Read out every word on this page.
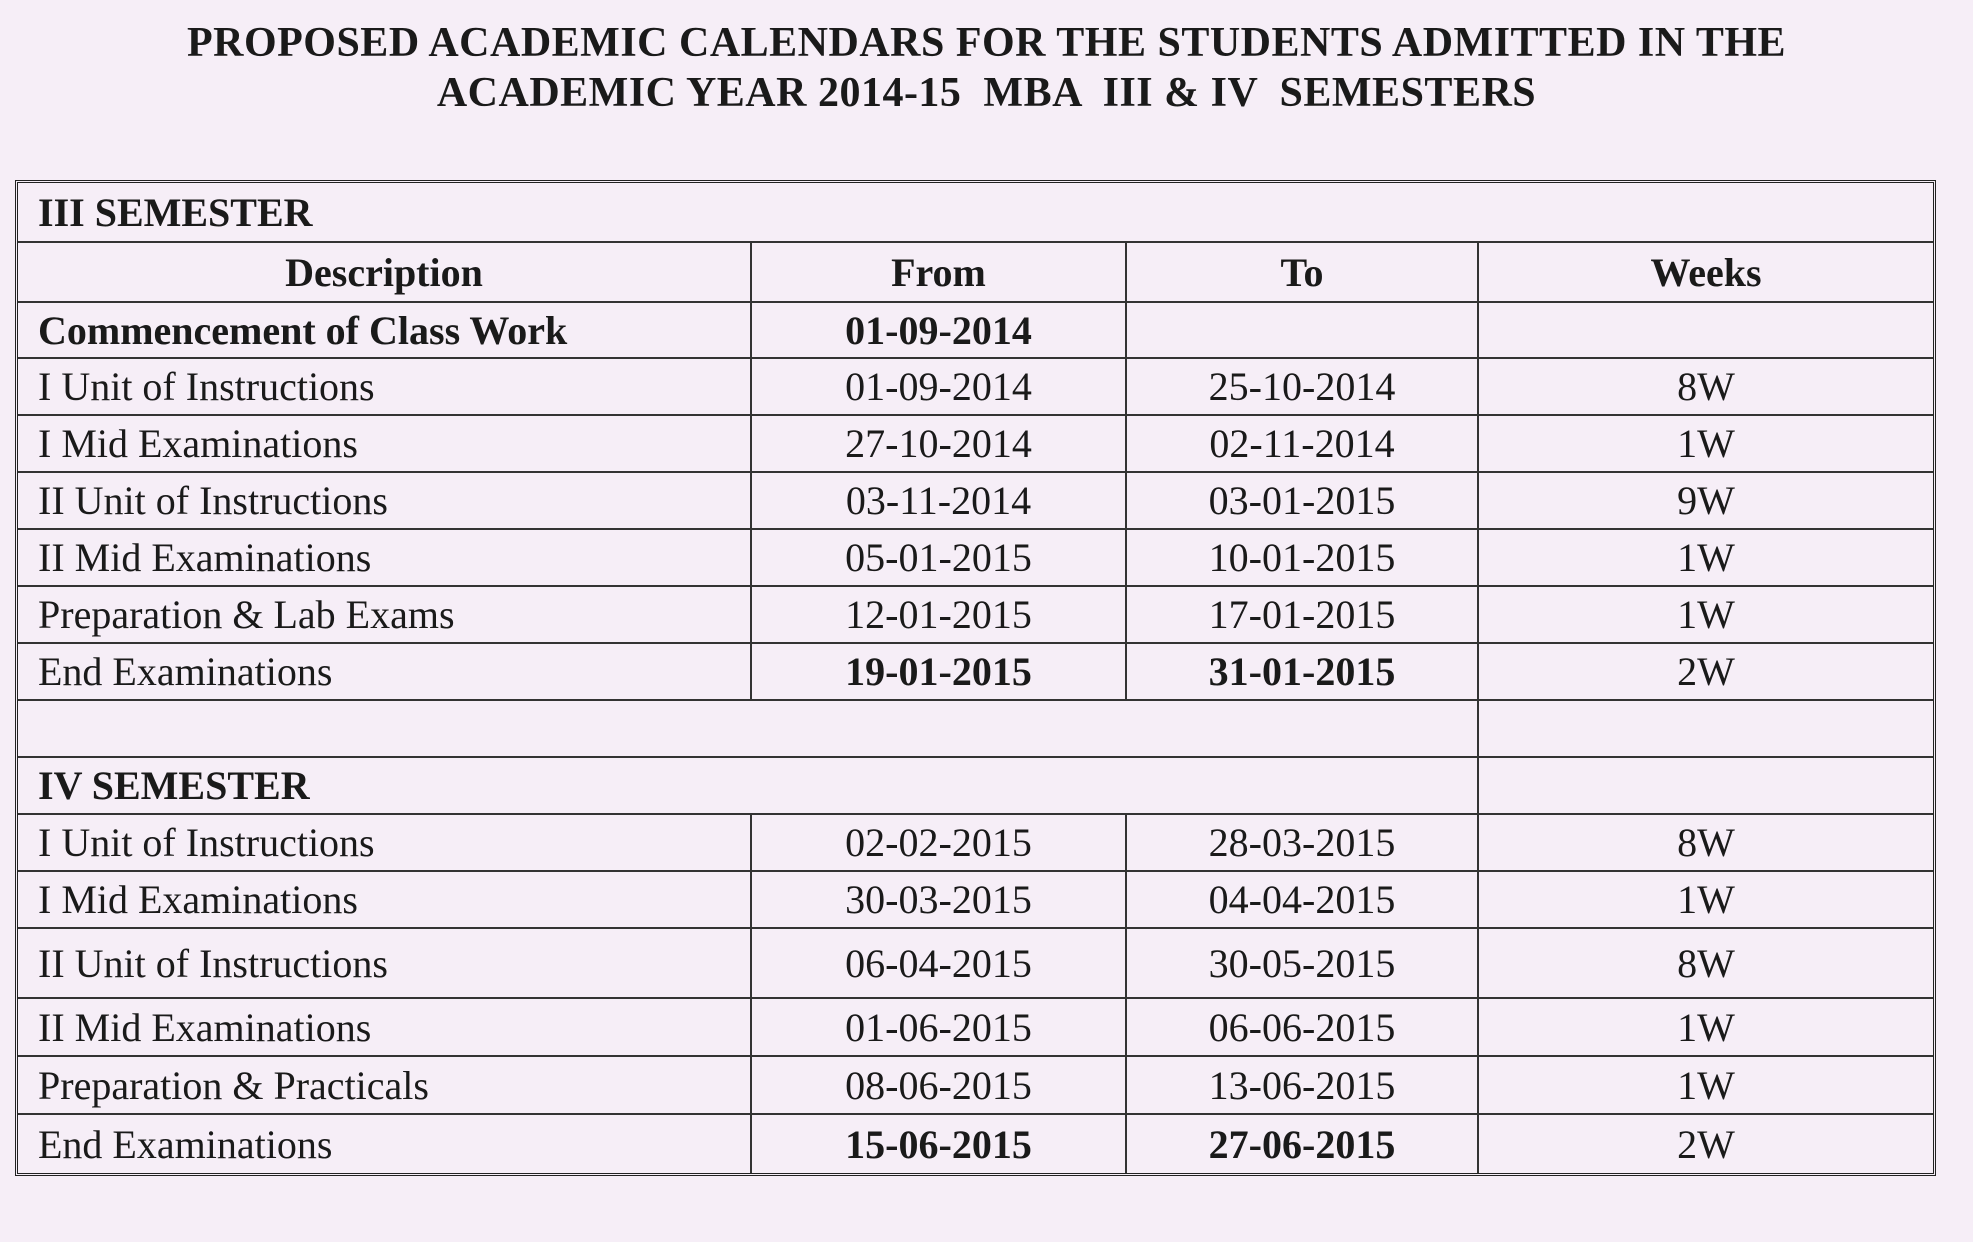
PROPOSED ACADEMIC CALENDARS FOR THE STUDENTS ADMITTED IN THE
ACADEMIC YEAR 2014-15  MBA  III & IV  SEMESTERS
III SEMESTER
Description	From	To	Weeks
Commencement of Class Work	01-09-2014
I Unit of Instructions	01-09-2014	25-10-2014	8W
I Mid Examinations	27-10-2014	02-11-2014	1W
II Unit of Instructions	03-11-2014	03-01-2015	9W
II Mid Examinations	05-01-2015	10-01-2015	1W
Preparation & Lab Exams	12-01-2015	17-01-2015	1W
End Examinations	19-01-2015	31-01-2015	2W
IV SEMESTER
I Unit of Instructions	02-02-2015	28-03-2015	8W
I Mid Examinations	30-03-2015	04-04-2015	1W
II Unit of Instructions	06-04-2015	30-05-2015	8W
II Mid Examinations	01-06-2015	06-06-2015	1W
Preparation & Practicals	08-06-2015	13-06-2015	1W
End Examinations	15-06-2015	27-06-2015	2W
